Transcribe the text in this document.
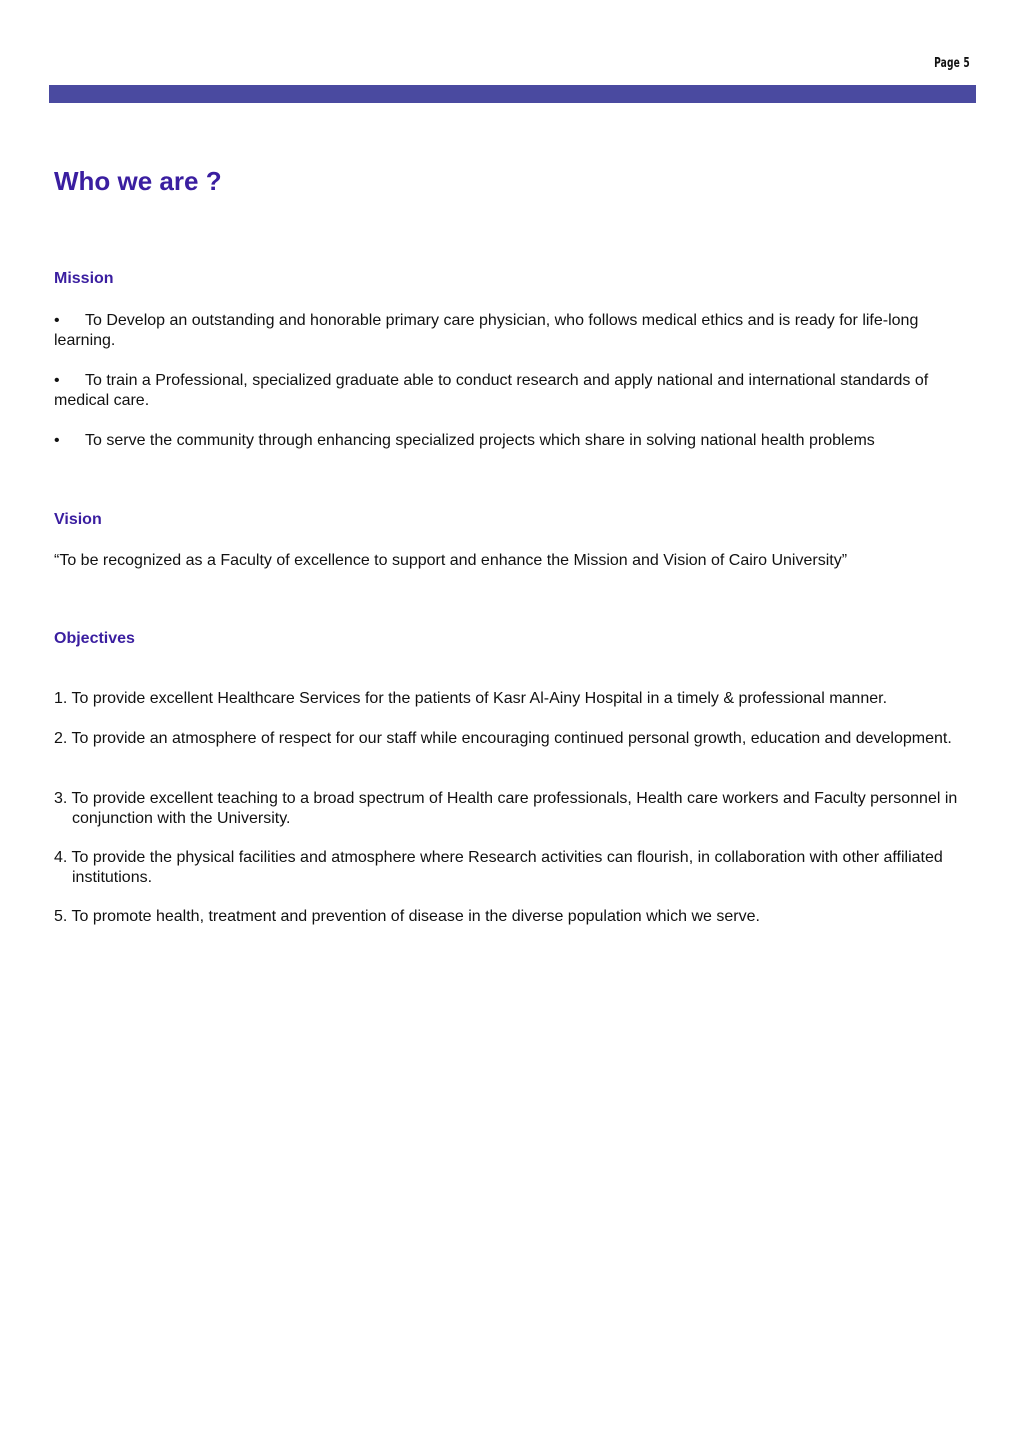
Page 5
Who we are ?
Mission

• To Develop an outstanding and honorable primary care physician, who follows medical ethics and is ready for life-long learning.

• To train a Professional, specialized graduate able to conduct research and apply national and international standards of medical care.

• To serve the community through enhancing specialized projects which share in solving national health problems

Vision

“To be recognized as a Faculty of excellence to support and enhance the Mission and Vision of Cairo University”

Objectives

1. To provide excellent Healthcare Services for the patients of Kasr Al-Ainy Hospital in a timely & professional manner.

2. To provide an atmosphere of respect for our staff while encouraging continued personal growth, education and development.

3. To provide excellent teaching to a broad spectrum of Health care professionals, Health care workers and Faculty personnel in conjunction with the University.

4. To provide the physical facilities and atmosphere where Research activities can flourish, in collaboration with other affiliated institutions.

5. To promote health, treatment and prevention of disease in the diverse population which we serve.
